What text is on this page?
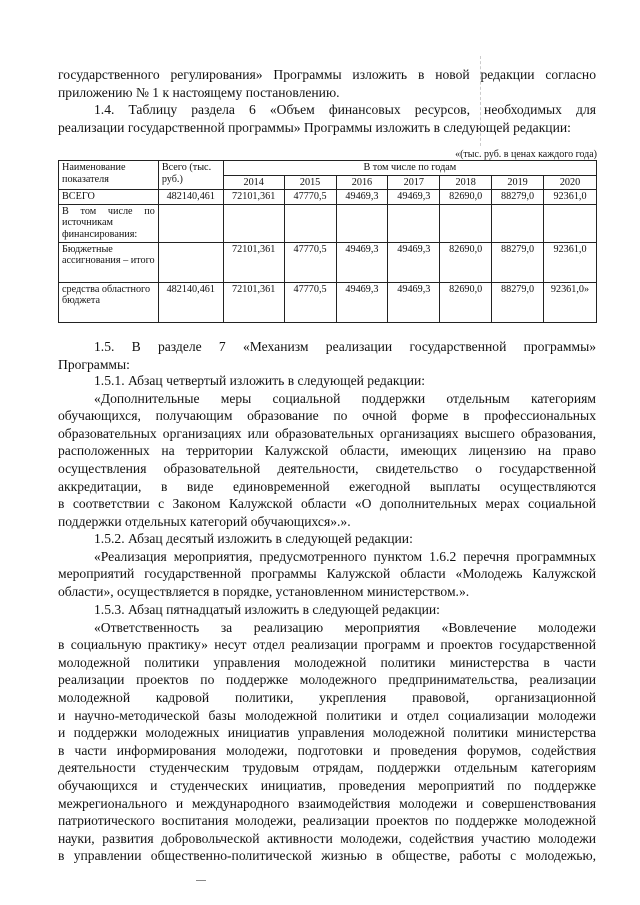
государственного регулирования» Программы изложить в новой редакции согласно
приложению № 1 к настоящему постановлению.
1.4. Таблицу раздела 6 «Объем финансовых ресурсов, необходимых для
реализации государственной программы» Программы изложить в следующей редакции:
«(тыс. руб. в ценах каждого года)
Наименование показателя	Всего (тыс. руб.)	В том числе по годам						
		2014	2015	2016	2017	2018	2019	2020
ВСЕГО	482140,461	72101,361	47770,5	49469,3	49469,3	82690,0	88279,0	92361,0
В том числе по источникам финансирования:								
Бюджетные ассигнования – итого		72101,361	47770,5	49469,3	49469,3	82690,0	88279,0	92361,0
средства областного бюджета	482140,461	72101,361	47770,5	49469,3	49469,3	82690,0	88279,0	92361,0»
1.5. В разделе 7 «Механизм реализации государственной программы»
Программы:
1.5.1. Абзац четвертый изложить в следующей редакции:
«Дополнительные меры социальной поддержки отдельным категориям
обучающихся, получающим образование по очной форме в профессиональных
образовательных организациях или образовательных организациях высшего образования,
расположенных на территории Калужской области, имеющих лицензию на право
осуществления образовательной деятельности, свидетельство о государственной
аккредитации, в виде единовременной ежегодной выплаты осуществляются
в соответствии с Законом Калужской области «О дополнительных мерах социальной
поддержки отдельных категорий обучающихся».».
1.5.2. Абзац десятый изложить в следующей редакции:
«Реализация мероприятия, предусмотренного пунктом 1.6.2 перечня программных
мероприятий государственной программы Калужской области «Молодежь Калужской
области», осуществляется в порядке, установленном министерством.».
1.5.3. Абзац пятнадцатый изложить в следующей редакции:
«Ответственность за реализацию мероприятия «Вовлечение молодежи
в социальную практику» несут отдел реализации программ и проектов государственной
молодежной политики управления молодежной политики министерства в части
реализации проектов по поддержке молодежного предпринимательства, реализации
молодежной кадровой политики, укрепления правовой, организационной
и научно-методической базы молодежной политики и отдел социализации молодежи
и поддержки молодежных инициатив управления молодежной политики министерства
в части информирования молодежи, подготовки и проведения форумов, содействия
деятельности студенческим трудовым отрядам, поддержки отдельным категориям
обучающихся и студенческих инициатив, проведения мероприятий по поддержке
межрегионального и международного взаимодействия молодежи и совершенствования
патриотического воспитания молодежи, реализации проектов по поддержке молодежной
науки, развития добровольческой активности молодежи, содействия участию молодежи
в управлении общественно-политической жизнью в обществе, работы с молодежью,
